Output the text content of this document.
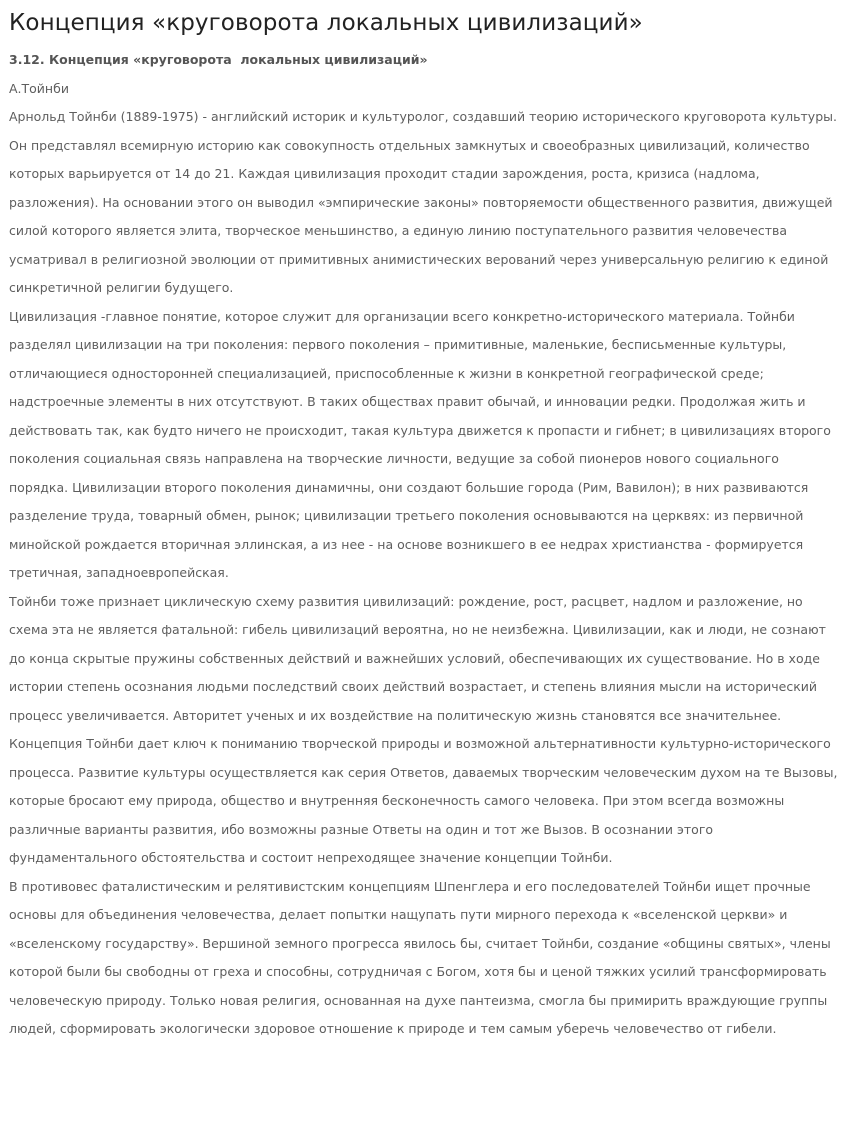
Концепция «круговорота локальных цивилизаций»
3.12. Концепция «круговорота  локальных цивилизаций»

А.Тойнби

Арнольд Тойнби (1889-1975) - английский историк и культуролог, создавший теорию исторического круговорота культуры. Он представлял всемирную историю как совокупность отдельных замкнутых и своеобразных цивилизаций, количество которых варьируется от 14 до 21. Каждая цивилизация проходит стадии зарождения, роста, кризиса (надлома, разложения). На основании этого он выводил «эмпирические законы» повторяемости общественного развития, движущей силой которого является элита, творческое меньшинство, а единую линию поступательного развития человечества усматривал в религиозной эволюции от примитивных анимистических верований через универсальную религию к единой синкретичной религии будущего.

Цивилизация -главное понятие, которое служит для организации всего конкретно-исторического материала. Тойнби разделял цивилизации на три поколения: первого поколения – примитивные, маленькие, бесписьменные культуры, отличающиеся односторонней специализацией, приспособленные к жизни в конкретной географической среде; надстроечные элементы в них отсутствуют. В таких обществах правит обычай, и инновации редки. Продолжая жить и действовать так, как будто ничего не происходит, такая культура движется к пропасти и гибнет; в цивилизациях второго поколения социальная связь направлена на творческие личности, ведущие за собой пионеров нового социального порядка. Цивилизации второго поколения динамичны, они создают большие города (Рим, Вавилон); в них развиваются разделение труда, товарный обмен, рынок; цивилизации третьего поколения основываются на церквях: из первичной минойской рождается вторичная эллинская, а из нее - на основе возникшего в ее недрах христианства - формируется третичная, западноевропейская.

Тойнби тоже признает циклическую схему развития цивилизаций: рождение, рост, расцвет, надлом и разложение, но схема эта не является фатальной: гибель цивилизаций вероятна, но не неизбежна. Цивилизации, как и люди, не сознают до конца скрытые пружины собственных действий и важнейших условий, обеспечивающих их существование. Но в ходе истории степень осознания людьми последствий своих действий возрастает, и степень влияния мысли на исторический процесс увеличивается. Авторитет ученых и их воздействие на политическую жизнь становятся все значительнее.

Концепция Тойнби дает ключ к пониманию творческой природы и возможной альтернативности культурно-исторического процесса. Развитие культуры осуществляется как серия Ответов, даваемых творческим человеческим духом на те Вызовы, которые бросают ему природа, общество и внутренняя бесконечность самого человека. При этом всегда возможны различные варианты развития, ибо возможны разные Ответы на один и тот же Вызов. В осознании этого фундаментального обстоятельства и состоит непреходящее значение концепции Тойнби.

В противовес фаталистическим и релятивистским концепциям Шпенглера и его последователей Тойнби ищет прочные основы для объединения человечества, делает попытки нащупать пути мирного перехода к «вселенской церкви» и «вселенскому государству». Вершиной земного прогресса явилось бы, считает Тойнби, создание «общины святых», члены которой были бы свободны от греха и способны, сотрудничая с Богом, хотя бы и ценой тяжких усилий трансформировать человеческую природу. Только новая религия, основанная на духе пантеизма, смогла бы примирить враждующие группы людей, сформировать экологически здоровое отношение к природе и тем самым уберечь человечество от гибели.
